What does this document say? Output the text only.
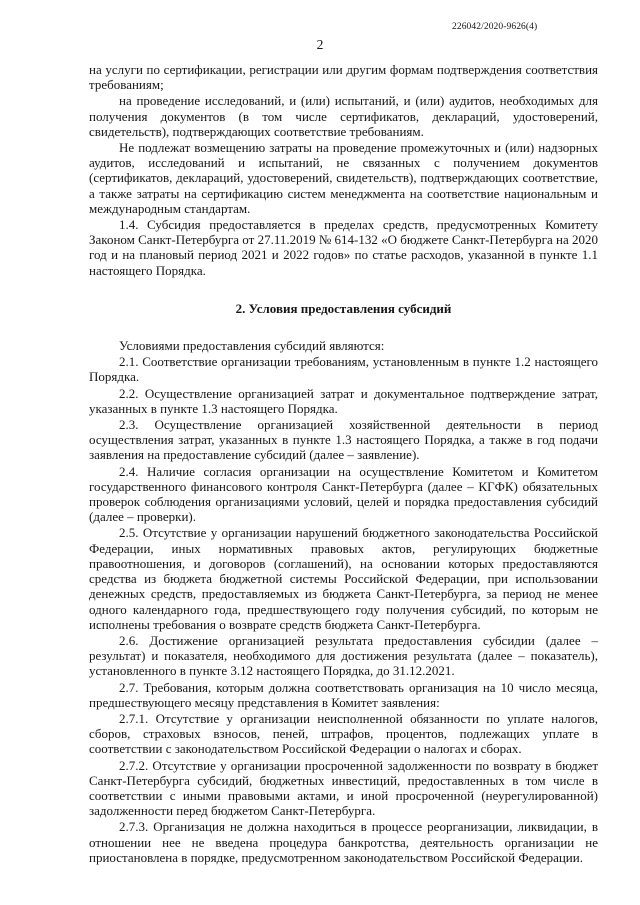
226042/2020-9626(4)
2

на услуги по сертификации, регистрации или другим формам подтверждения соответствия требованиям;

на проведение исследований, и (или) испытаний, и (или) аудитов, необходимых для получения документов (в том числе сертификатов, деклараций, удостоверений, свидетельств), подтверждающих соответствие требованиям.

Не подлежат возмещению затраты на проведение промежуточных и (или) надзорных аудитов, исследований и испытаний, не связанных с получением документов (сертификатов, деклараций, удостоверений, свидетельств), подтверждающих соответствие, а также затраты на сертификацию систем менеджмента на соответствие национальным и международным стандартам.

1.4. Субсидия предоставляется в пределах средств, предусмотренных Комитету Законом Санкт-Петербурга от 27.11.2019 № 614-132 «О бюджете Санкт-Петербурга на 2020 год и на плановый период 2021 и 2022 годов» по статье расходов, указанной в пункте 1.1 настоящего Порядка.

2. Условия предоставления субсидий

Условиями предоставления субсидий являются:

2.1. Соответствие организации требованиям, установленным в пункте 1.2 настоящего Порядка.

2.2. Осуществление организацией затрат и документальное подтверждение затрат, указанных в пункте 1.3 настоящего Порядка.

2.3. Осуществление организацией хозяйственной деятельности в период осуществления затрат, указанных в пункте 1.3 настоящего Порядка, а также в год подачи заявления на предоставление субсидий (далее – заявление).

2.4. Наличие согласия организации на осуществление Комитетом и Комитетом государственного финансового контроля Санкт-Петербурга (далее – КГФК) обязательных проверок соблюдения организациями условий, целей и порядка предоставления субсидий (далее – проверки).

2.5. Отсутствие у организации нарушений бюджетного законодательства Российской Федерации, иных нормативных правовых актов, регулирующих бюджетные правоотношения, и договоров (соглашений), на основании которых предоставляются средства из бюджета бюджетной системы Российской Федерации, при использовании денежных средств, предоставляемых из бюджета Санкт-Петербурга, за период не менее одного календарного года, предшествующего году получения субсидий, по которым не исполнены требования о возврате средств бюджета Санкт-Петербурга.

2.6. Достижение организацией результата предоставления субсидии (далее – результат) и показателя, необходимого для достижения результата (далее – показатель), установленного в пункте 3.12 настоящего Порядка, до 31.12.2021.

2.7. Требования, которым должна соответствовать организация на 10 число месяца, предшествующего месяцу представления в Комитет заявления:

2.7.1. Отсутствие у организации неисполненной обязанности по уплате налогов, сборов, страховых взносов, пеней, штрафов, процентов, подлежащих уплате в соответствии с законодательством Российской Федерации о налогах и сборах.

2.7.2. Отсутствие у организации просроченной задолженности по возврату в бюджет Санкт-Петербурга субсидий, бюджетных инвестиций, предоставленных в том числе в соответствии с иными правовыми актами, и иной просроченной (неурегулированной) задолженности перед бюджетом Санкт-Петербурга.

2.7.3. Организация не должна находиться в процессе реорганизации, ликвидации, в отношении нее не введена процедура банкротства, деятельность организации не приостановлена в порядке, предусмотренном законодательством Российской Федерации.
